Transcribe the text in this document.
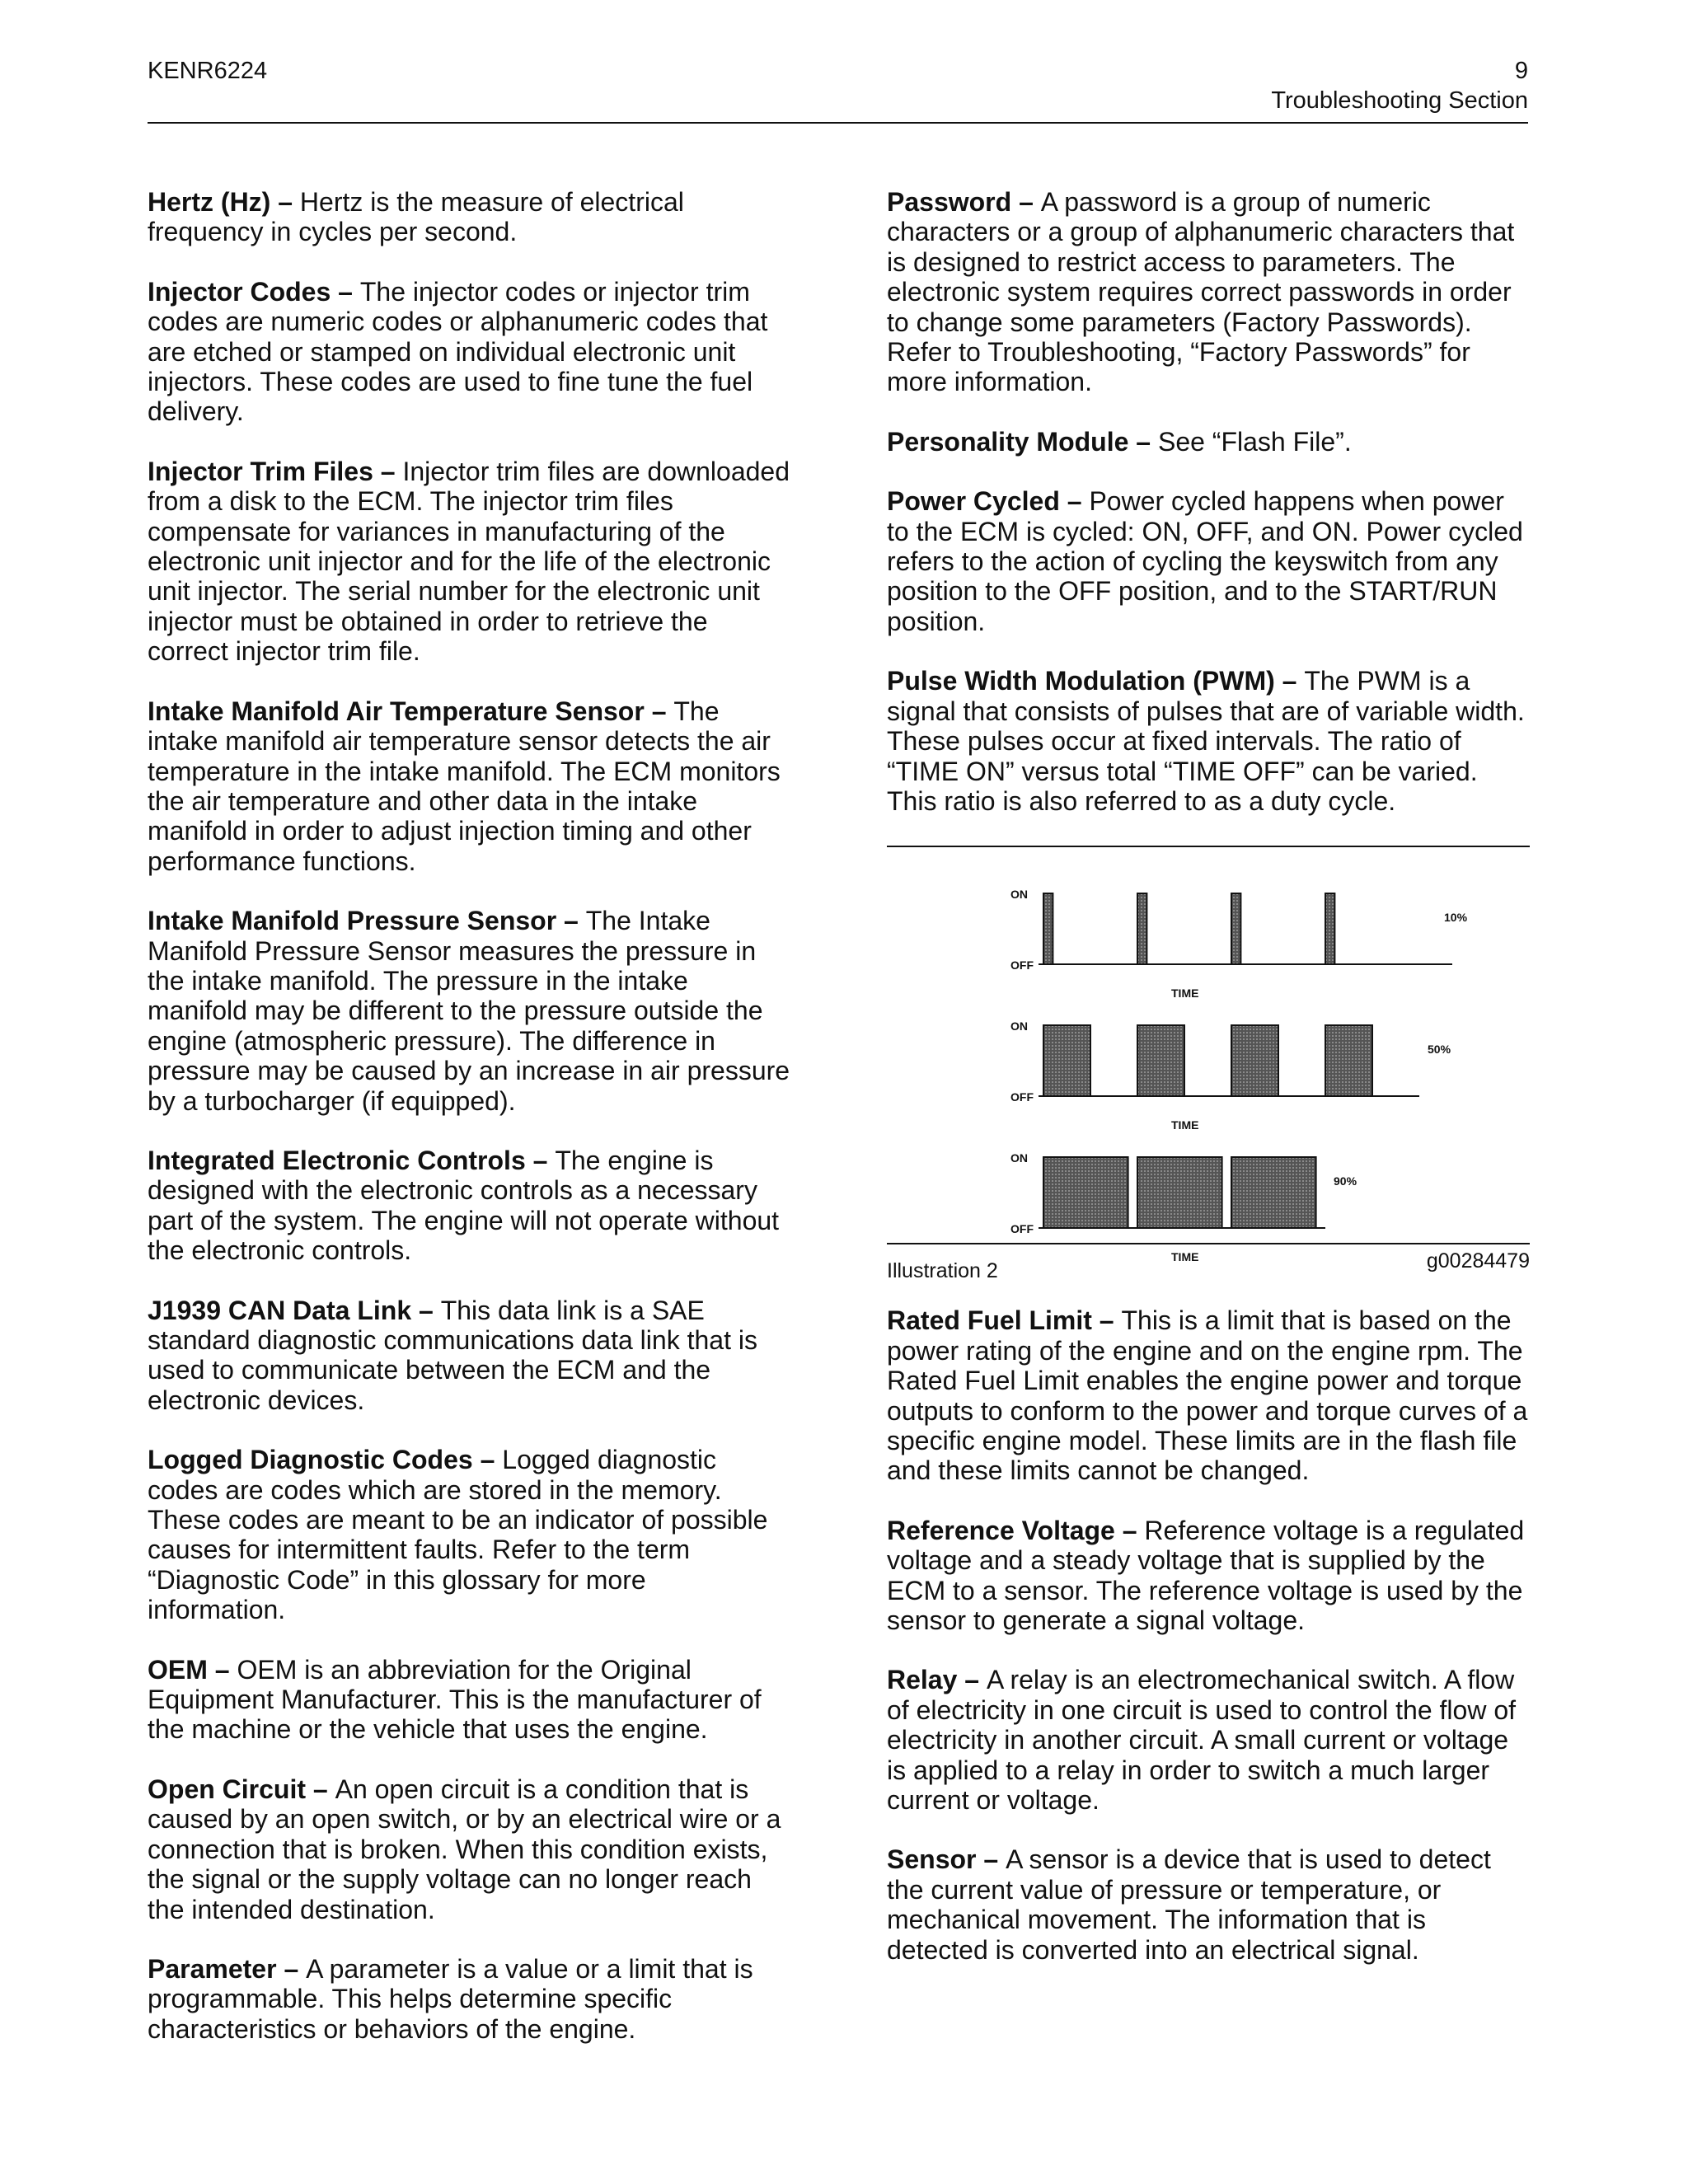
KENR6224	9
Troubleshooting Section

Hertz (Hz) – Hertz is the measure of electrical frequency in cycles per second.

Injector Codes – The injector codes or injector trim codes are numeric codes or alphanumeric codes that are etched or stamped on individual electronic unit injectors. These codes are used to fine tune the fuel delivery.

Injector Trim Files – Injector trim files are downloaded from a disk to the ECM. The injector trim files compensate for variances in manufacturing of the electronic unit injector and for the life of the electronic unit injector. The serial number for the electronic unit injector must be obtained in order to retrieve the correct injector trim file.

Intake Manifold Air Temperature Sensor – The intake manifold air temperature sensor detects the air temperature in the intake manifold. The ECM monitors the air temperature and other data in the intake manifold in order to adjust injection timing and other performance functions.

Intake Manifold Pressure Sensor – The Intake Manifold Pressure Sensor measures the pressure in the intake manifold. The pressure in the intake manifold may be different to the pressure outside the engine (atmospheric pressure). The difference in pressure may be caused by an increase in air pressure by a turbocharger (if equipped).

Integrated Electronic Controls – The engine is designed with the electronic controls as a necessary part of the system. The engine will not operate without the electronic controls.

J1939 CAN Data Link – This data link is a SAE standard diagnostic communications data link that is used to communicate between the ECM and the electronic devices.

Logged Diagnostic Codes – Logged diagnostic codes are codes which are stored in the memory. These codes are meant to be an indicator of possible causes for intermittent faults. Refer to the term “Diagnostic Code” in this glossary for more information.

OEM – OEM is an abbreviation for the Original Equipment Manufacturer. This is the manufacturer of the machine or the vehicle that uses the engine.

Open Circuit – An open circuit is a condition that is caused by an open switch, or by an electrical wire or a connection that is broken. When this condition exists, the signal or the supply voltage can no longer reach the intended destination.

Parameter – A parameter is a value or a limit that is programmable. This helps determine specific characteristics or behaviors of the engine.

Password – A password is a group of numeric characters or a group of alphanumeric characters that is designed to restrict access to parameters. The electronic system requires correct passwords in order to change some parameters (Factory Passwords). Refer to Troubleshooting, “Factory Passwords” for more information.

Personality Module – See “Flash File”.

Power Cycled – Power cycled happens when power to the ECM is cycled: ON, OFF, and ON. Power cycled refers to the action of cycling the keyswitch from any position to the OFF position, and to the START/RUN position.

Pulse Width Modulation (PWM) – The PWM is a signal that consists of pulses that are of variable width. These pulses occur at fixed intervals. The ratio of “TIME ON” versus total “TIME OFF” can be varied. This ratio is also referred to as a duty cycle.

ON
OFF
10%
TIME
ON
OFF
50%
TIME
ON
OFF
90%
TIME
Illustration 2	g00284479

Rated Fuel Limit – This is a limit that is based on the power rating of the engine and on the engine rpm. The Rated Fuel Limit enables the engine power and torque outputs to conform to the power and torque curves of a specific engine model. These limits are in the flash file and these limits cannot be changed.

Reference Voltage – Reference voltage is a regulated voltage and a steady voltage that is supplied by the ECM to a sensor. The reference voltage is used by the sensor to generate a signal voltage.

Relay – A relay is an electromechanical switch. A flow of electricity in one circuit is used to control the flow of electricity in another circuit. A small current or voltage is applied to a relay in order to switch a much larger current or voltage.

Sensor – A sensor is a device that is used to detect the current value of pressure or temperature, or mechanical movement. The information that is detected is converted into an electrical signal.
